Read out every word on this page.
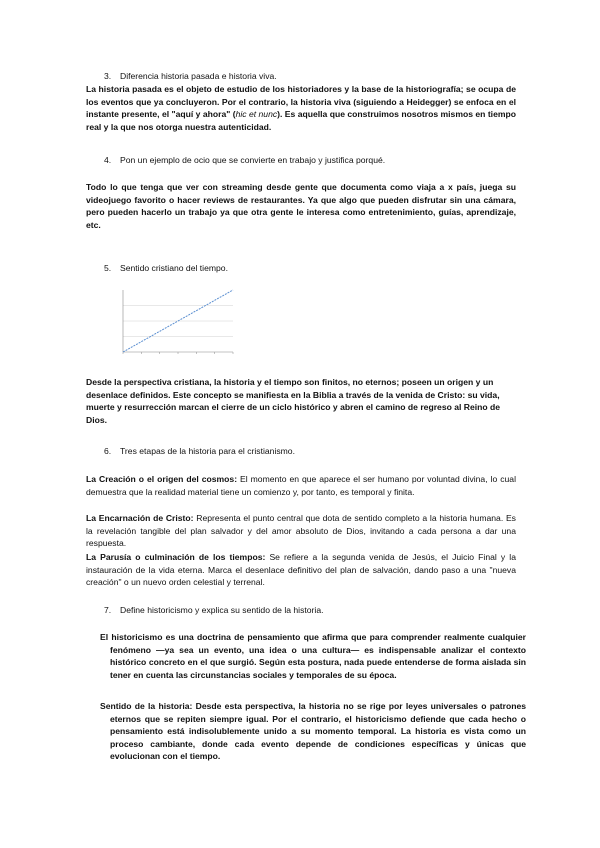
3. Diferencia historia pasada e historia viva.
La historia pasada es el objeto de estudio de los historiadores y la base de la historiografía; se ocupa de los eventos que ya concluyeron. Por el contrario, la historia viva (siguiendo a Heidegger) se enfoca en el instante presente, el "aquí y ahora" (hic et nunc). Es aquella que construimos nosotros mismos en tiempo real y la que nos otorga nuestra autenticidad.
4. Pon un ejemplo de ocio que se convierte en trabajo y justifica porqué.
Todo lo que tenga que ver con streaming desde gente que documenta como viaja a x país, juega su videojuego favorito o hacer reviews de restaurantes. Ya que algo que pueden disfrutar sin una cámara, pero pueden hacerlo un trabajo ya que otra gente le interesa como entretenimiento, guías, aprendizaje, etc.
5. Sentido cristiano del tiempo.
Desde la perspectiva cristiana, la historia y el tiempo son finitos, no eternos; poseen un origen y un desenlace definidos. Este concepto se manifiesta en la Biblia a través de la venida de Cristo: su vida, muerte y resurrección marcan el cierre de un ciclo histórico y abren el camino de regreso al Reino de Dios.
6. Tres etapas de la historia para el cristianismo.
La Creación o el origen del cosmos: El momento en que aparece el ser humano por voluntad divina, lo cual demuestra que la realidad material tiene un comienzo y, por tanto, es temporal y finita.
La Encarnación de Cristo: Representa el punto central que dota de sentido completo a la historia humana. Es la revelación tangible del plan salvador y del amor absoluto de Dios, invitando a cada persona a dar una respuesta.
La Parusía o culminación de los tiempos: Se refiere a la segunda venida de Jesús, el Juicio Final y la instauración de la vida eterna. Marca el desenlace definitivo del plan de salvación, dando paso a una "nueva creación" o un nuevo orden celestial y terrenal.
7. Define historicismo y explica su sentido de la historia.
El historicismo es una doctrina de pensamiento que afirma que para comprender realmente cualquier fenómeno —ya sea un evento, una idea o una cultura— es indispensable analizar el contexto histórico concreto en el que surgió. Según esta postura, nada puede entenderse de forma aislada sin tener en cuenta las circunstancias sociales y temporales de su época.
Sentido de la historia: Desde esta perspectiva, la historia no se rige por leyes universales o patrones eternos que se repiten siempre igual. Por el contrario, el historicismo defiende que cada hecho o pensamiento está indisolublemente unido a su momento temporal. La historia es vista como un proceso cambiante, donde cada evento depende de condiciones específicas y únicas que evolucionan con el tiempo.
